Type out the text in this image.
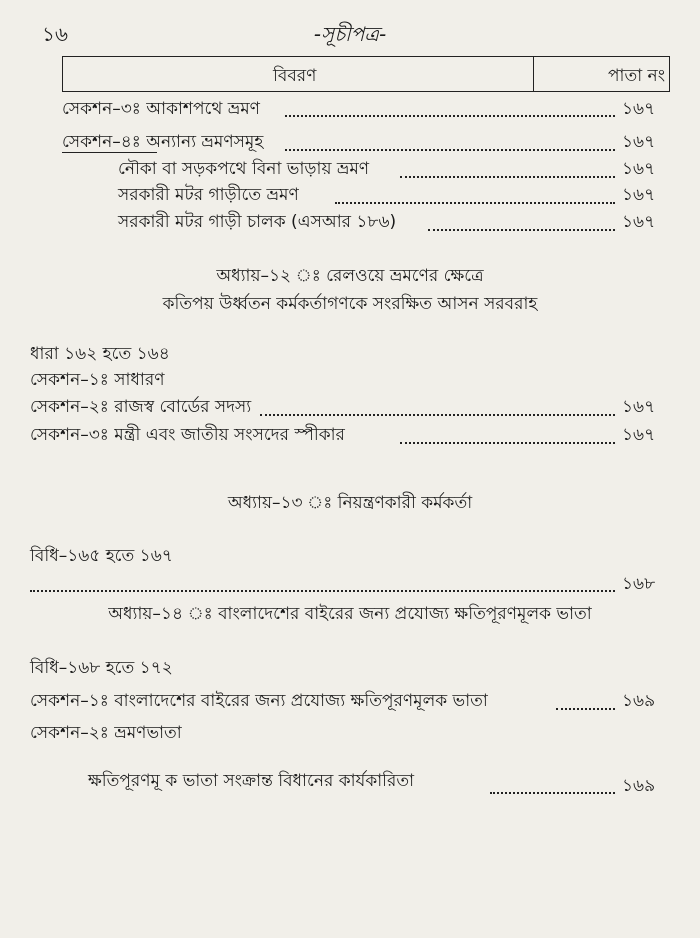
১৬	-সূচীপত্র-
বিবরণ	পাতা নং
সেকশন–৩ঃ আকাশপথে ভ্রমণ	১৬৭
সেকশন–৪ঃ অন্যান্য ভ্রমণসমূহ	১৬৭
নৌকা বা সড়কপথে বিনা ভাড়ায় ভ্রমণ	১৬৭
সরকারী মটর গাড়ীতে ভ্রমণ	১৬৭
সরকারী মটর গাড়ী চালক (এসআর ১৮৬)	১৬৭
অধ্যায়–১২ ঃ রেলওয়ে ভ্রমণের ক্ষেত্রে
কতিপয় উর্ধ্বতন কর্মকর্তাগণকে সংরক্ষিত আসন সরবরাহ
ধারা ১৬২ হতে ১৬৪
সেকশন–১ঃ সাধারণ
সেকশন–২ঃ রাজস্ব বোর্ডের সদস্য	১৬৭
সেকশন–৩ঃ মন্ত্রী এবং জাতীয় সংসদের স্পীকার	১৬৭
অধ্যায়–১৩ ঃ নিয়ন্ত্রণকারী কর্মকর্তা
বিধি–১৬৫ হতে ১৬৭
১৬৮
অধ্যায়–১৪ ঃ বাংলাদেশের বাইরের জন্য প্রযোজ্য ক্ষতিপূরণমূলক ভাতা
বিধি–১৬৮ হতে ১৭২
সেকশন–১ঃ বাংলাদেশের বাইরের জন্য প্রযোজ্য ক্ষতিপূরণমূলক ভাতা	১৬৯
সেকশন–২ঃ ভ্রমণভাতা
ক্ষতিপূরণমূ ক ভাতা সংক্রান্ত বিধানের কার্যকারিতা	১৬৯
